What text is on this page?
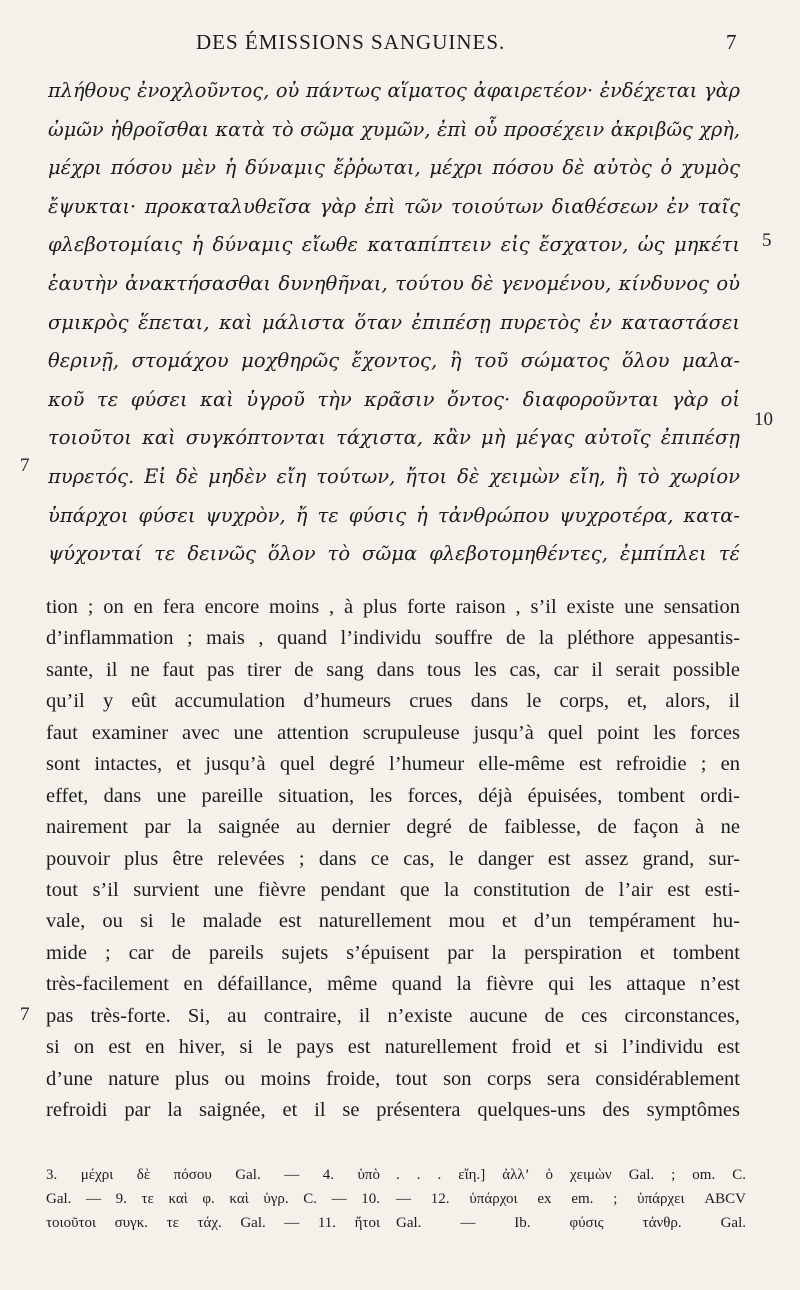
DES ÉMISSIONS SANGUINES.	7
πλήθους ἐνοχλοῦντος, οὐ πάντως αἵματος ἀφαιρετέον· ἐνδέχεται γὰρ
ὠμῶν ἠθροῖσθαι κατὰ τὸ σῶμα χυμῶν, ἐπὶ οὗ προσέχειν ἀκριβῶς χρὴ,
μέχρι πόσου μὲν ἡ δύναμις ἔῤῥωται, μέχρι πόσου δὲ αὐτὸς ὁ χυμὸς
ἔψυκται· προκαταλυθεῖσα γὰρ ἐπὶ τῶν τοιούτων διαθέσεων ἐν ταῖς
φλεβοτομίαις ἡ δύναμις εἴωθε καταπίπτειν εἰς ἔσχατον, ὡς μηκέτι
ἑαυτὴν ἀνακτήσασθαι δυνηθῆναι, τούτου δὲ γενομένου, κίνδυνος οὐ
σμικρὸς ἕπεται, καὶ μάλιστα ὅταν ἐπιπέσῃ πυρετὸς ἐν καταστάσει
θερινῇ, στομάχου μοχθηρῶς ἔχοντος, ἢ τοῦ σώματος ὅλου μαλα-
κοῦ τε φύσει καὶ ὑγροῦ τὴν κρᾶσιν ὄντος· διαφοροῦνται γὰρ οἱ
τοιοῦτοι καὶ συγκόπτονται τάχιστα, κἂν μὴ μέγας αὐτοῖς ἐπιπέσῃ
πυρετός. Εἰ δὲ μηδὲν εἴη τούτων, ἤτοι δὲ χειμὼν εἴη, ἢ τὸ χωρίον
ὑπάρχοι φύσει ψυχρὸν, ἤ τε φύσις ἡ τἀνθρώπου ψυχροτέρα, κατα-
ψύχονταί τε δεινῶς ὅλον τὸ σῶμα φλεβοτομηθέντες, ἐμπίπλει τέ
5
10
7
tion ; on en fera encore moins , à plus forte raison , s’il existe une sensation
d’inflammation ; mais , quand l’individu souffre de la pléthore appesantis-
sante, il ne faut pas tirer de sang dans tous les cas, car il serait possible
qu’il y eût accumulation d’humeurs crues dans le corps, et, alors, il
faut examiner avec une attention scrupuleuse jusqu’à quel point les forces
sont intactes, et jusqu’à quel degré l’humeur elle-même est refroidie ; en
effet, dans une pareille situation, les forces, déjà épuisées, tombent ordi-
nairement par la saignée au dernier degré de faiblesse, de façon à ne
pouvoir plus être relevées ; dans ce cas, le danger est assez grand, sur-
tout s’il survient une fièvre pendant que la constitution de l’air est esti-
vale, ou si le malade est naturellement mou et d’un tempérament hu-
mide ; car de pareils sujets s’épuisent par la perspiration et tombent
très-facilement en défaillance, même quand la fièvre qui les attaque n’est
pas très-forte. Si, au contraire, il n’existe aucune de ces circonstances,
si on est en hiver, si le pays est naturellement froid et si l’individu est
d’une nature plus ou moins froide, tout son corps sera considérablement
refroidi par la saignée, et il se présentera quelques-uns des symptômes
7
3. μέχρι δὲ πόσου Gal. — 4. ὑπὸ
Gal. — 9. τε καὶ φ. καὶ ὑγρ. C. — 10.
τοιοῦτοι συγκ. τε τάχ. Gal. — 11. ἤτοι
. . . εἴη.] ἀλλ’ ὁ χειμὼν Gal. ; om. C.
— 12. ὑπάρχοι ex em. ; ὑπάρχει ABCV
Gal. — Ib. φύσις τἀνθρ. Gal.
